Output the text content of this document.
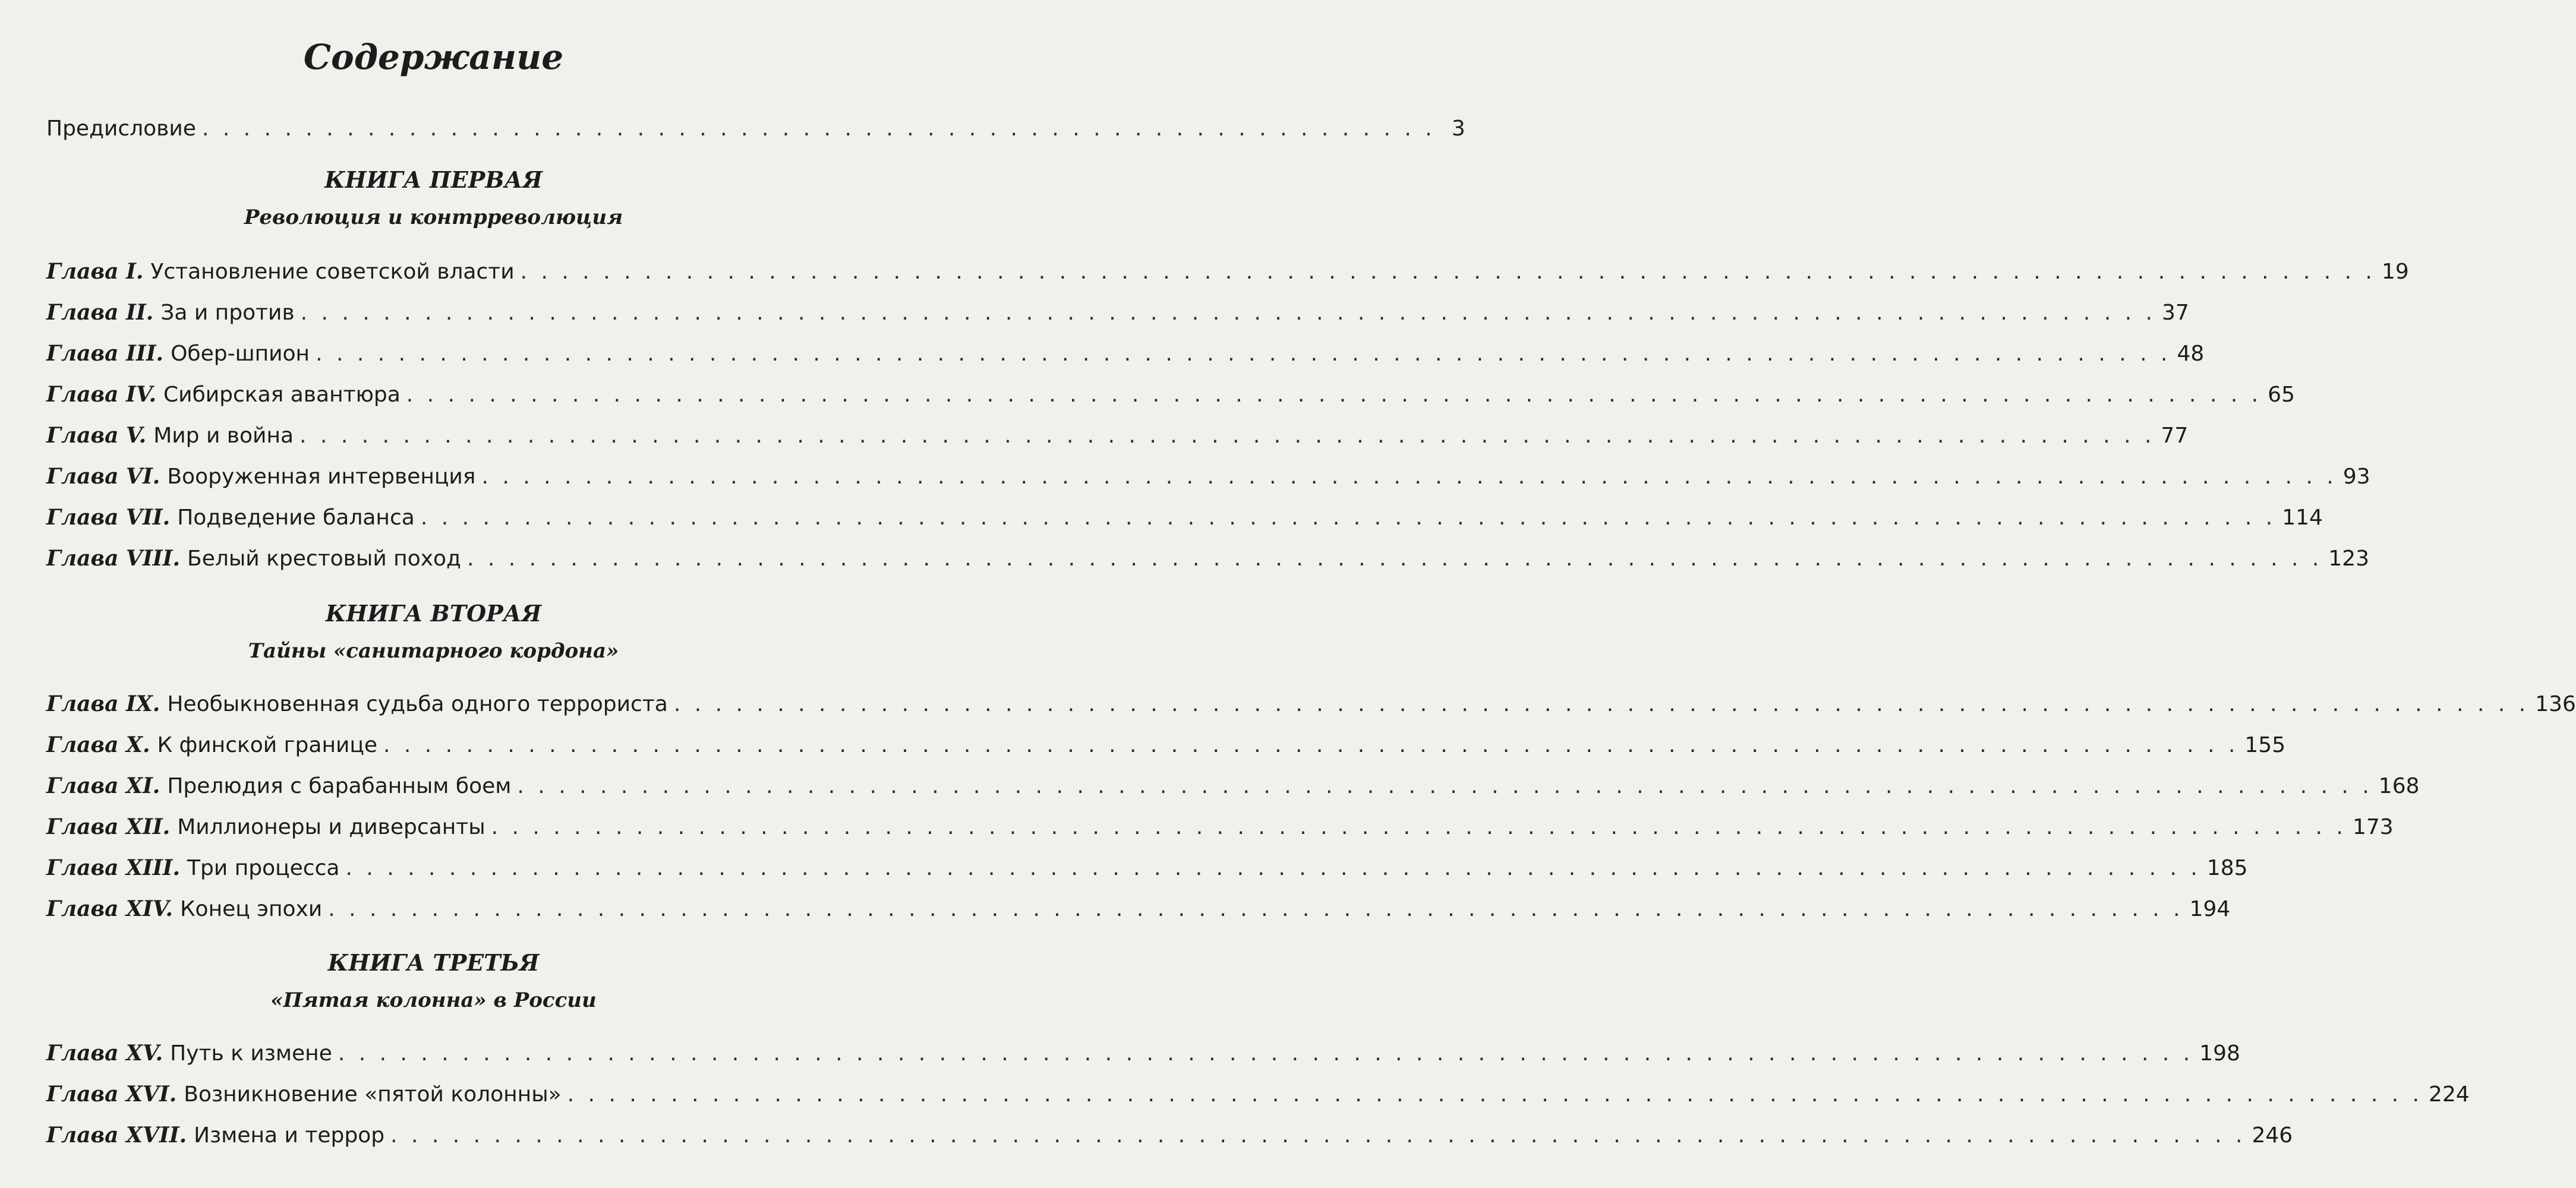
Содержание
Предисловие . . . . . . . . . . . . . . . . . . . . . . . . . . . . . . . . . . . . . . . . . . . . . . . . . . . . . . . . . . . . 3
КНИГА ПЕРВАЯ
Революция и контрреволюция
Глава I. Установление советской власти . . . . . . . . . . . . . . . . . . . . . . . . . . . . . . . . . . . . . . . . . . . . . . . . . . . . . . . . . . . . . . . . . . . . . . . . . . . . . . . . . . . . . . . . . . 19
Глава II. За и против . . . . . . . . . . . . . . . . . . . . . . . . . . . . . . . . . . . . . . . . . . . . . . . . . . . . . . . . . . . . . . . . . . . . . . . . . . . . . . . . . . . . . . . . . . 37
Глава III. Обер-шпион . . . . . . . . . . . . . . . . . . . . . . . . . . . . . . . . . . . . . . . . . . . . . . . . . . . . . . . . . . . . . . . . . . . . . . . . . . . . . . . . . . . . . . . . . . 48
Глава IV. Сибирская авантюра . . . . . . . . . . . . . . . . . . . . . . . . . . . . . . . . . . . . . . . . . . . . . . . . . . . . . . . . . . . . . . . . . . . . . . . . . . . . . . . . . . . . . . . . . . 65
Глава V. Мир и война . . . . . . . . . . . . . . . . . . . . . . . . . . . . . . . . . . . . . . . . . . . . . . . . . . . . . . . . . . . . . . . . . . . . . . . . . . . . . . . . . . . . . . . . . . 77
Глава VI. Вооруженная интервенция . . . . . . . . . . . . . . . . . . . . . . . . . . . . . . . . . . . . . . . . . . . . . . . . . . . . . . . . . . . . . . . . . . . . . . . . . . . . . . . . . . . . . . . . . . 93
Глава VII. Подведение баланса . . . . . . . . . . . . . . . . . . . . . . . . . . . . . . . . . . . . . . . . . . . . . . . . . . . . . . . . . . . . . . . . . . . . . . . . . . . . . . . . . . . . . . . . . . 114
Глава VIII. Белый крестовый поход . . . . . . . . . . . . . . . . . . . . . . . . . . . . . . . . . . . . . . . . . . . . . . . . . . . . . . . . . . . . . . . . . . . . . . . . . . . . . . . . . . . . . . . . . . 123
КНИГА ВТОРАЯ
Тайны «санитарного кордона»
Глава IX. Необыкновенная судьба одного террориста . . . . . . . . . . . . . . . . . . . . . . . . . . . . . . . . . . . . . . . . . . . . . . . . . . . . . . . . . . . . . . . . . . . . . . . . . . . . . . . . . . . . . . . . . . 136
Глава X. К финской границе . . . . . . . . . . . . . . . . . . . . . . . . . . . . . . . . . . . . . . . . . . . . . . . . . . . . . . . . . . . . . . . . . . . . . . . . . . . . . . . . . . . . . . . . . . 155
Глава XI. Прелюдия с барабанным боем . . . . . . . . . . . . . . . . . . . . . . . . . . . . . . . . . . . . . . . . . . . . . . . . . . . . . . . . . . . . . . . . . . . . . . . . . . . . . . . . . . . . . . . . . . 168
Глава XII. Миллионеры и диверсанты . . . . . . . . . . . . . . . . . . . . . . . . . . . . . . . . . . . . . . . . . . . . . . . . . . . . . . . . . . . . . . . . . . . . . . . . . . . . . . . . . . . . . . . . . . 173
Глава XIII. Три процесса . . . . . . . . . . . . . . . . . . . . . . . . . . . . . . . . . . . . . . . . . . . . . . . . . . . . . . . . . . . . . . . . . . . . . . . . . . . . . . . . . . . . . . . . . . 185
Глава XIV. Конец эпохи . . . . . . . . . . . . . . . . . . . . . . . . . . . . . . . . . . . . . . . . . . . . . . . . . . . . . . . . . . . . . . . . . . . . . . . . . . . . . . . . . . . . . . . . . . 194
КНИГА ТРЕТЬЯ
«Пятая колонна» в России
Глава XV. Путь к измене . . . . . . . . . . . . . . . . . . . . . . . . . . . . . . . . . . . . . . . . . . . . . . . . . . . . . . . . . . . . . . . . . . . . . . . . . . . . . . . . . . . . . . . . . . 198
Глава XVI. Возникновение «пятой колонны» . . . . . . . . . . . . . . . . . . . . . . . . . . . . . . . . . . . . . . . . . . . . . . . . . . . . . . . . . . . . . . . . . . . . . . . . . . . . . . . . . . . . . . . . . . 224
Глава XVII. Измена и террор . . . . . . . . . . . . . . . . . . . . . . . . . . . . . . . . . . . . . . . . . . . . . . . . . . . . . . . . . . . . . . . . . . . . . . . . . . . . . . . . . . . . . . . . . . 246
